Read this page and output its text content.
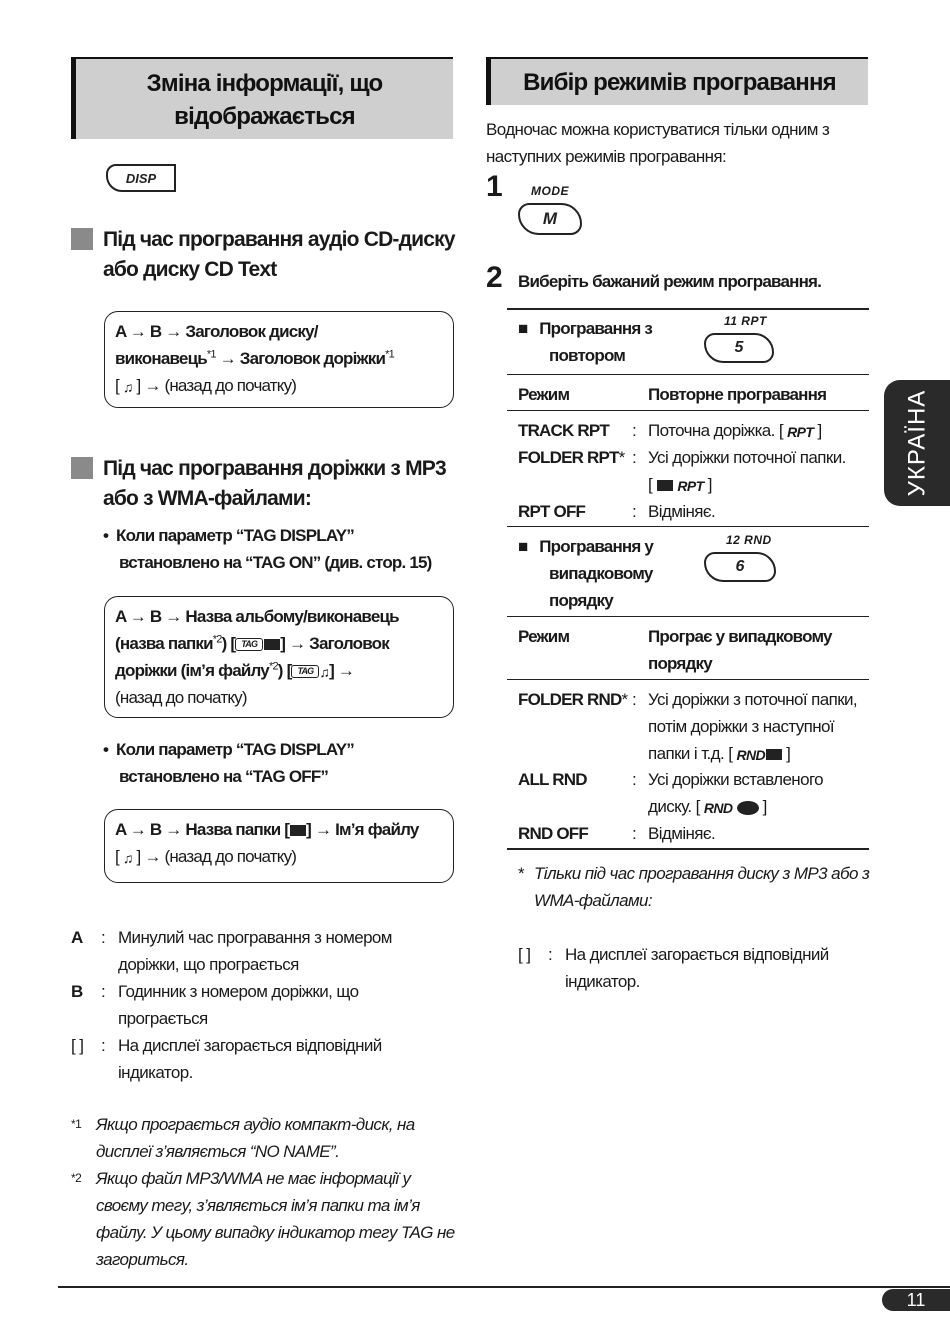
Зміна інформації, що
відображається
DISP
Під час програвання аудіо CD-диску
або диску CD Text
A → B → Заголовок диску/
виконавець$^{*1}$ → Заголовок доріжки$^{*1}$
[ ♫ ] → (назад до початку)
Під час програвання доріжки з MP3
або з WMA-файлами:
•  Коли параметр “TAG DISPLAY”
встановлено на “TAG ON” (див. стор. 15)
A → B → Назва альбому/виконавець
(назва папки$^{*2}$) [ TAG ] → Заголовок
доріжки (ім’я файлу$^{*2}$) [ TAG ♫] →
(назад до початку)
•  Коли параметр “TAG DISPLAY”
встановлено на “TAG OFF”
A → B → Назва папки [ ] → Ім’я файлу
[ ♫ ] → (назад до початку)
A	: Минулий час програвання з номером
доріжки, що програється
B	: Годинник з номером доріжки, що
програється
[ ]	: На дисплеї загорається відповідний
індикатор.
*1 Якщо програється аудіо компакт-диск, на
дисплеї з’являється “NO NAME”.
*2 Якщо файл MP3/WMA не має інформації у
своєму тегу, з’являється ім’я папки та ім’я
файлу. У цьому випадку індикатор тегу TAG не
загориться.
Вибір режимів програвання
Водночас можна користуватися тільки одним з
наступних режимів програвання:
1 MODE
M
2 Виберіть бажаний режим програвання.
■   Програвання з
повтором
11 RPT
5
Режим	Повторне програвання
TRACK RPT : Поточна доріжка. [ RPT ]
FOLDER RPT* : Усі доріжки поточної папки.
[  RPT ]
RPT OFF	: Відміняє.
■   Програвання у
випадковому
порядку
12 RND
6
Режим	Програє у випадковому
порядку
FOLDER RND* : Усі доріжки з поточної папки,
потім доріжки з наступної
папки і т.д. [ RND ]
ALL RND	: Усі доріжки вставленого
диску. [ RND ]
RND OFF	: Відміняє.
* Тільки під час програвання диску з MP3 або з
WMA-файлами:
[ ]	: На дисплеї загорається відповідний
індикатор.
УКРАЇНА
11
